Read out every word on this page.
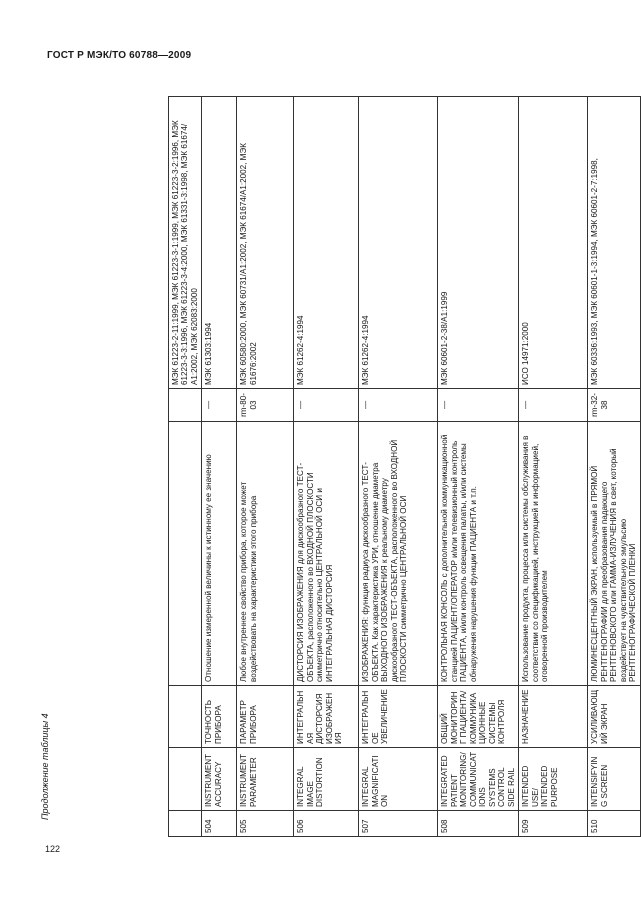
ГОСТ Р МЭК/ТО 60788—2009
Продолжение таблицы 4
122
					МЭК 61223-2-11:1999, МЭК 61223-3-1:1999, МЭК 61223-3-2:1996, МЭК 61223-3-3:1996, МЭК 61223-3-4:2000, МЭК 61331-3:1998, МЭК 61674/А1:2002, МЭК 62083:2000
504	INSTRUMENT ACCURACY	ТОЧНОСТЬ ПРИБОРА	Отношение измеренной величины к истинному ее значению	—	МЭК 61303:1994
505	INSTRUMENT PARAMETER	ПАРАМЕТР ПРИБОРА	Любое внутреннее свойство прибора, которое может воздействовать на характеристики этого прибора	rm-80-03	МЭК 60580:2000, МЭК 60731/А1:2002, МЭК 61674/А1:2002, МЭК 61676:2002
506	INTEGRAL IMAGE DISTORTION	ИНТЕГРАЛЬНАЯ ДИСТОРСИЯ ИЗОБРАЖЕНИЯ	ДИСТОРСИЯ ИЗОБРАЖЕНИЯ для дискообразного ТЕСТ-ОБЪЕКТА, расположенного во ВХОДНОЙ ПЛОСКОСТИ симметрично относительно ЦЕНТРАЛЬНОЙ ОСИ и ИНТЕГРАЛЬНАЯ ДИСТОРСИЯ	—	МЭК 61262-4:1994
507	INTEGRAL MAGNIFICATION	ИНТЕГРАЛЬНОЕ УВЕЛИЧЕНИЕ	ИЗОБРАЖЕНИЯ: функция радиуса дискообразного ТЕСТ-ОБЪЕКТА. Как характеристика УРИ, отношение диаметра ВЫХОДНОГО ИЗОБРАЖЕНИЯ к реальному диаметру дискообразного ТЕСТ-ОБЪЕКТА, расположенного во ВХОДНОЙ ПЛОСКОСТИ симметрично ЦЕНТРАЛЬНОЙ ОСИ	—	МЭК 61262-4:1994
508	INTEGRATED PATIENT MONITORING/COMMUNICATIONS SYSTEMS CONTROL SIDE RAIL	ОБЩИЙ МОНИТОРИНГ ПАЦИЕНТА/КОММУНИКАЦИОННЫЕ СИСТЕМЫ КОНТРОЛЯ	КОНТРОЛЬНАЯ КОНСОЛЬ с дополнительной коммуникационной станцией ПАЦИЕНТ/ОПЕРАТОР и/или телевизионный контроль ПАЦИЕНТА, и/или контроль освещения палаты, и/или системы обнаружения нарушения функции ПАЦИЕНТА и т.п.	—	МЭК 60601-2-38/А1:1999
509	INTENDED USE/ INTENDED PURPOSE	НАЗНАЧЕНИЕ	Использование продукта, процесса или системы обслуживания в соответствии со спецификацией, инструкцией и информацией, оговоренной производителем	—	ИСО 14971:2000
510	INTENSIFYING SCREEN	УСИЛИВАЮЩИЙ ЭКРАН	ЛЮМИНЕСЦЕНТНЫЙ ЭКРАН, используемый в ПРЯМОЙ РЕНТГЕНОГРАФИИ для преобразования падающего РЕНТГЕНОВСКОГО или ГАММА-ИЗЛУЧЕНИЯ в свет, который воздействует на чувствительную эмульсию РЕНТГЕНОГРАФИЧЕСКОЙ ПЛЕНКИ	rm-32-38	МЭК 60336:1993, МЭК 60601-1-3:1994, МЭК 60601-2-7:1998,
